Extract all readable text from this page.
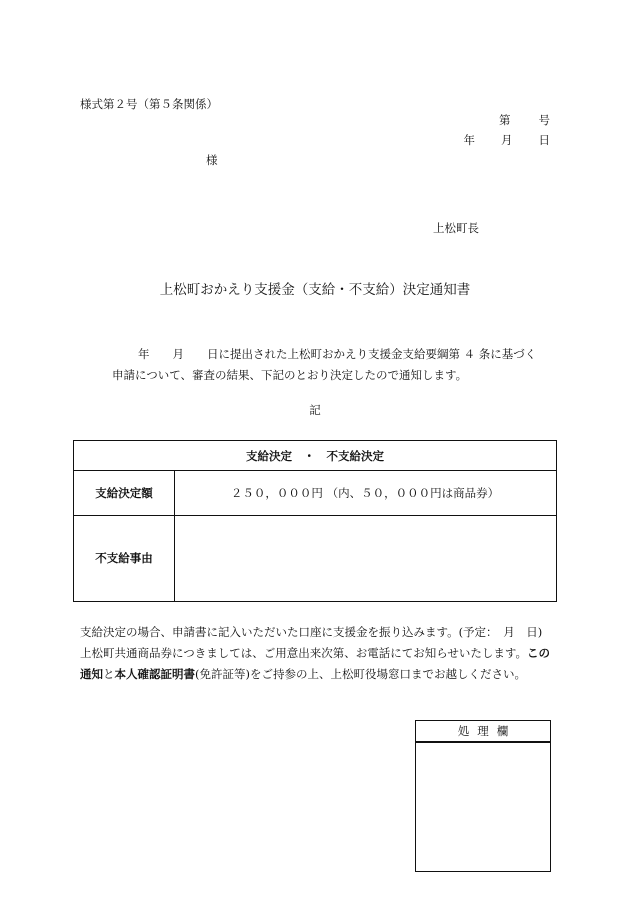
様式第２号（第５条関係）
第 号
年 月 日
様
上松町長
上松町おかえり支援金（支給・不支給）決定通知書
年　　月　　日に提出された上松町おかえり支援金支給要綱第 ４ 条に基づく
申請について、審査の結果、下記のとおり決定したので通知します。
記
支給決定　・　不支給決定
支給決定額	２５０，０００円 （内、５０，０００円は商品券）
不支給事由
支給決定の場合、申請書に記入いただいた口座に支援金を振り込みます。(予定：　月　日)
上松町共通商品券につきましては、ご用意出来次第、お電話にてお知らせいたします。この
通知と本人確認証明書(免許証等)をご持参の上、上松町役場窓口までお越しください。
処理欄
